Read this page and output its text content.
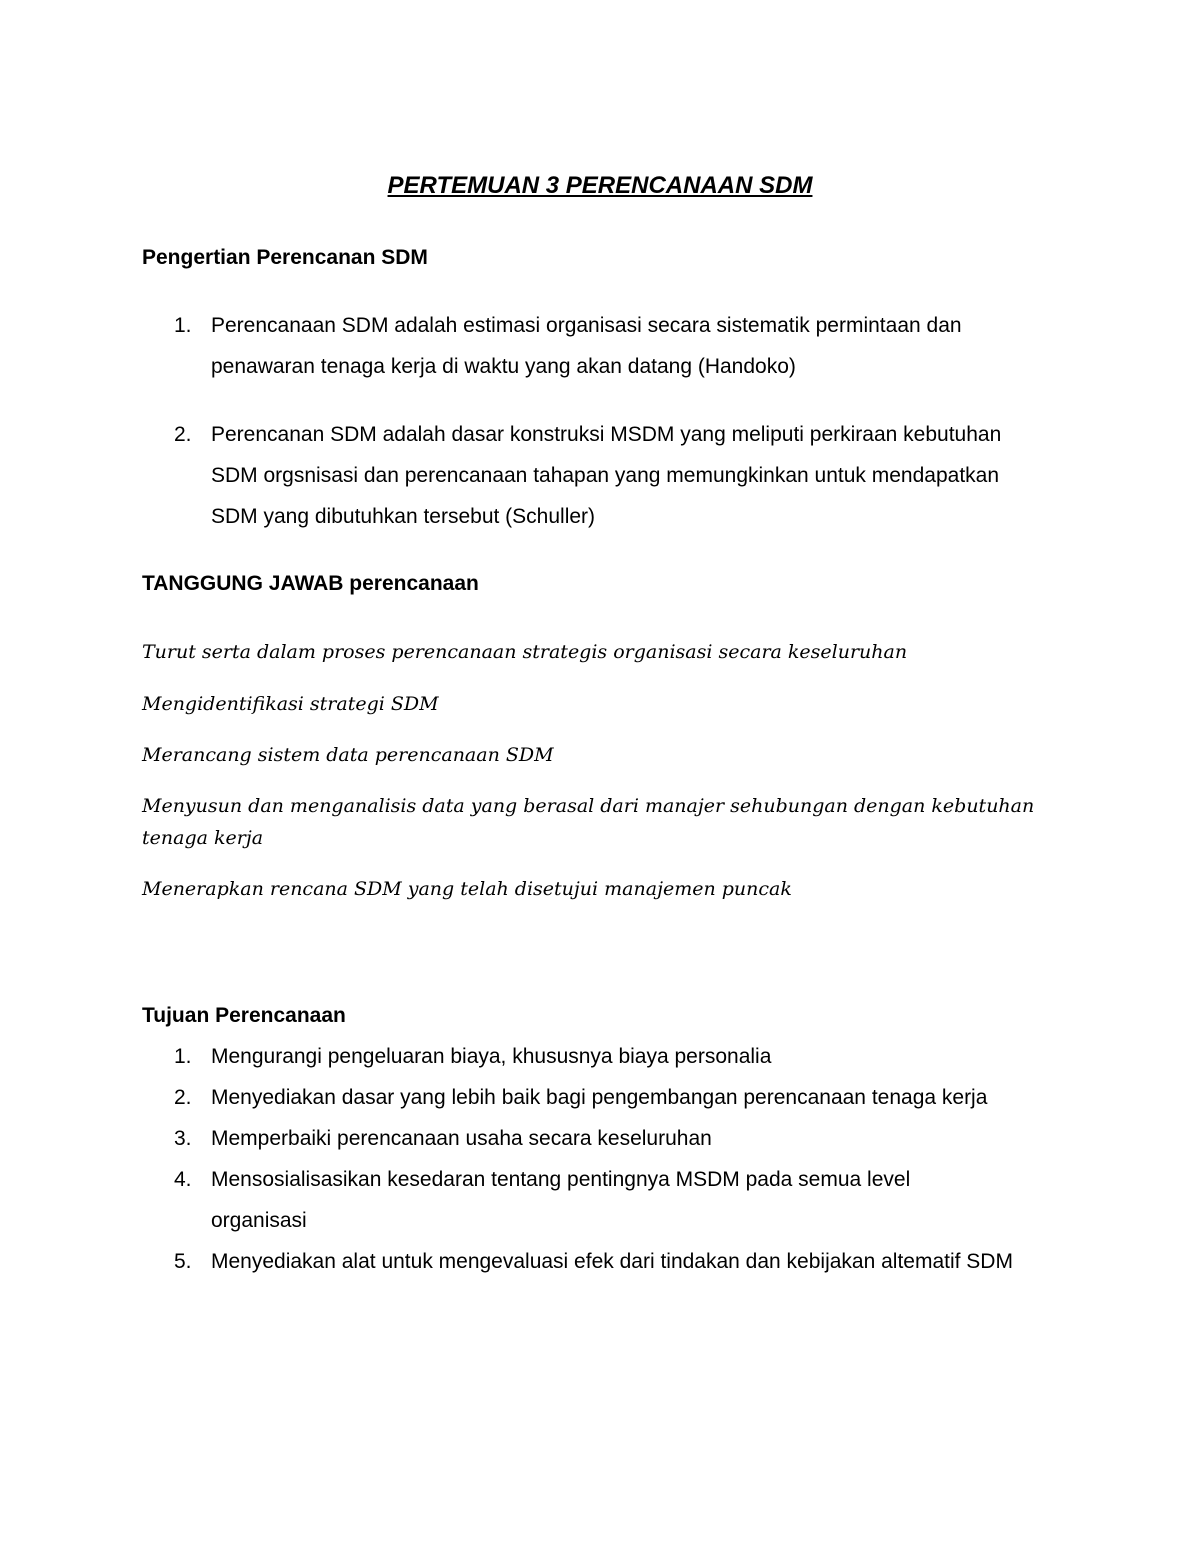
PERTEMUAN 3 PERENCANAAN SDM
Pengertian Perencanan SDM
1. Perencanaan SDM adalah estimasi organisasi secara sistematik permintaan dan penawaran tenaga kerja di waktu yang akan datang (Handoko)
2. Perencanan SDM adalah dasar konstruksi MSDM yang meliputi perkiraan kebutuhan SDM orgsnisasi dan perencanaan tahapan yang memungkinkan untuk mendapatkan SDM yang dibutuhkan tersebut (Schuller)
TANGGUNG JAWAB perencanaan
Turut serta dalam proses perencanaan strategis organisasi secara keseluruhan
Mengidentifikasi strategi SDM
Merancang sistem data perencanaan SDM
Menyusun dan menganalisis data yang berasal dari manajer sehubungan dengan kebutuhan tenaga kerja
Menerapkan rencana SDM yang telah disetujui manajemen puncak
Tujuan Perencanaan
1. Mengurangi pengeluaran biaya, khususnya biaya personalia
2. Menyediakan dasar yang lebih baik bagi pengembangan perencanaan tenaga kerja
3. Memperbaiki perencanaan usaha secara keseluruhan
4. Mensosialisasikan kesedaran tentang pentingnya MSDM pada semua level organisasi
5. Menyediakan alat untuk mengevaluasi efek dari tindakan dan kebijakan altematif SDM
